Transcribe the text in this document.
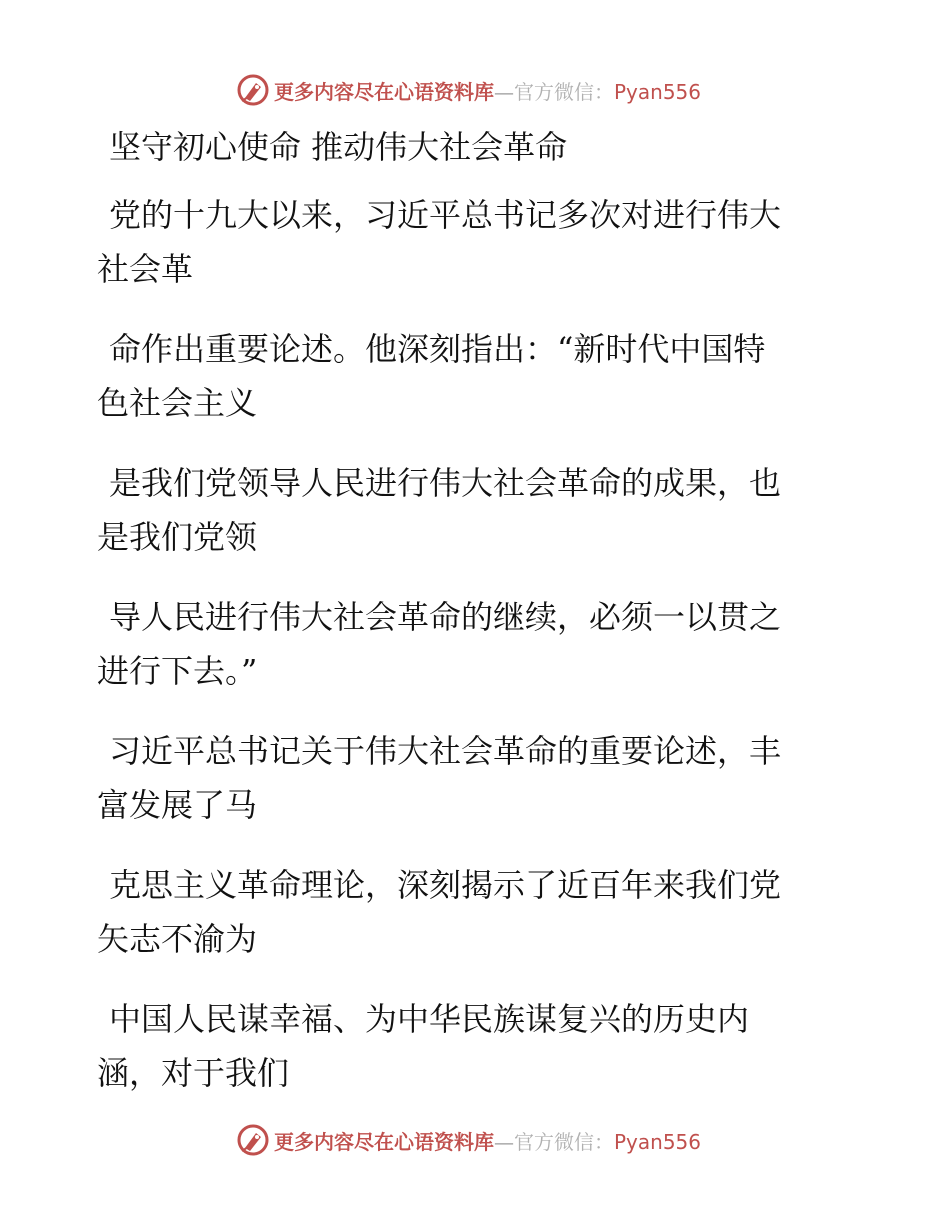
更多内容尽在心语资料库—官方微信：Pyan556

坚守初心使命 推动伟大社会革命

党的十九大以来，习近平总书记多次对进行伟大

社会革

命作出重要论述。他深刻指出：“新时代中国特

色社会主义

是我们党领导人民进行伟大社会革命的成果，也

是我们党领

导人民进行伟大社会革命的继续，必须一以贯之

进行下去。”

习近平总书记关于伟大社会革命的重要论述，丰

富发展了马

克思主义革命理论，深刻揭示了近百年来我们党

矢志不渝为

中国人民谋幸福、为中华民族谋复兴的历史内

涵，对于我们

更多内容尽在心语资料库—官方微信：Pyan556
